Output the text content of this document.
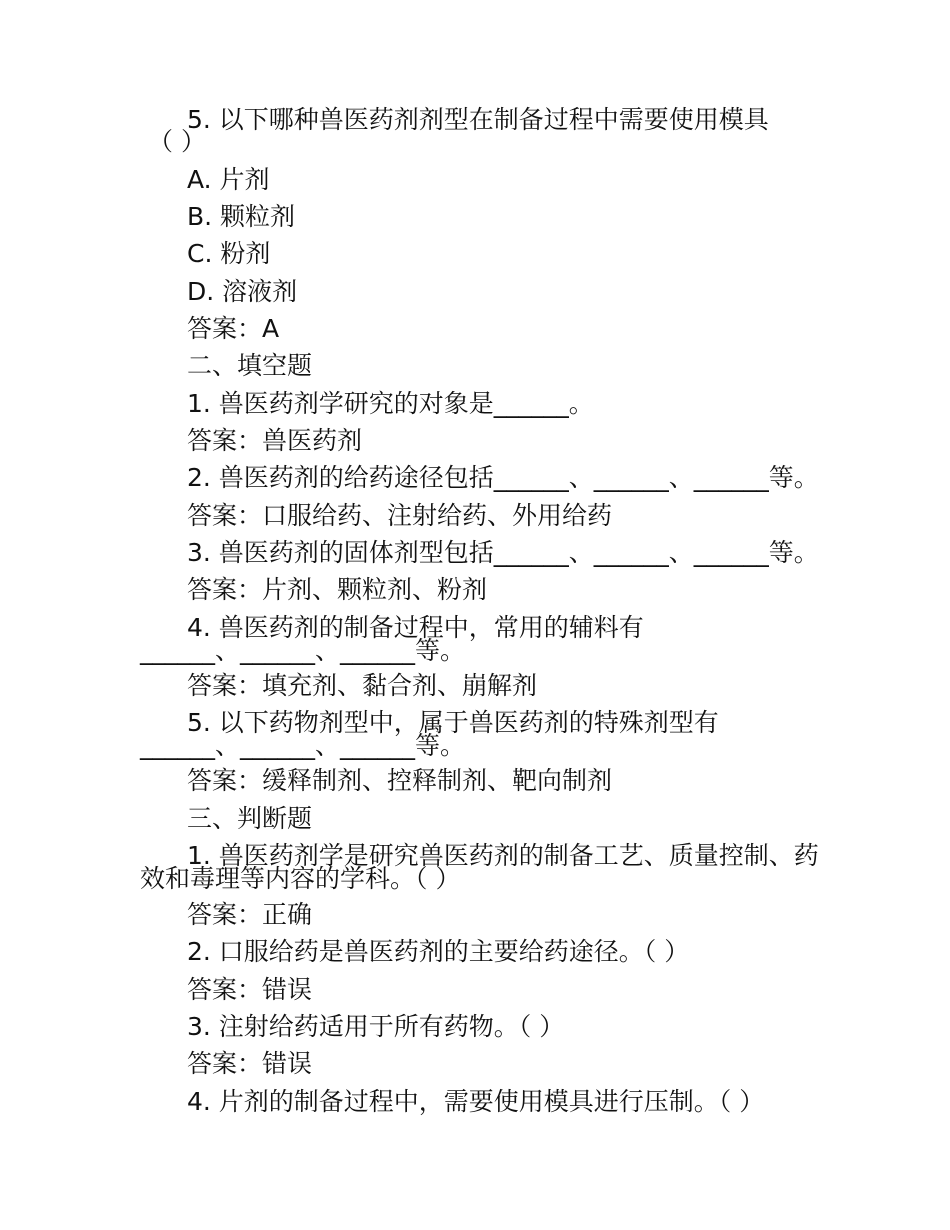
5. 以下哪种兽医药剂剂型在制备过程中需要使用模具
（ ）
A. 片剂
B. 颗粒剂
C. 粉剂
D. 溶液剂
答案：A
二、填空题
1. 兽医药剂学研究的对象是______。
答案：兽医药剂
2. 兽医药剂的给药途径包括______、______、______等。
答案：口服给药、注射给药、外用给药
3. 兽医药剂的固体剂型包括______、______、______等。
答案：片剂、颗粒剂、粉剂
4. 兽医药剂的制备过程中，常用的辅料有
______、______、______等。
答案：填充剂、黏合剂、崩解剂
5. 以下药物剂型中，属于兽医药剂的特殊剂型有
______、______、______等。
答案：缓释制剂、控释制剂、靶向制剂
三、判断题
1. 兽医药剂学是研究兽医药剂的制备工艺、质量控制、药
效和毒理等内容的学科。（ ）
答案：正确
2. 口服给药是兽医药剂的主要给药途径。（ ）
答案：错误
3. 注射给药适用于所有药物。（ ）
答案：错误
4. 片剂的制备过程中，需要使用模具进行压制。（ ）
